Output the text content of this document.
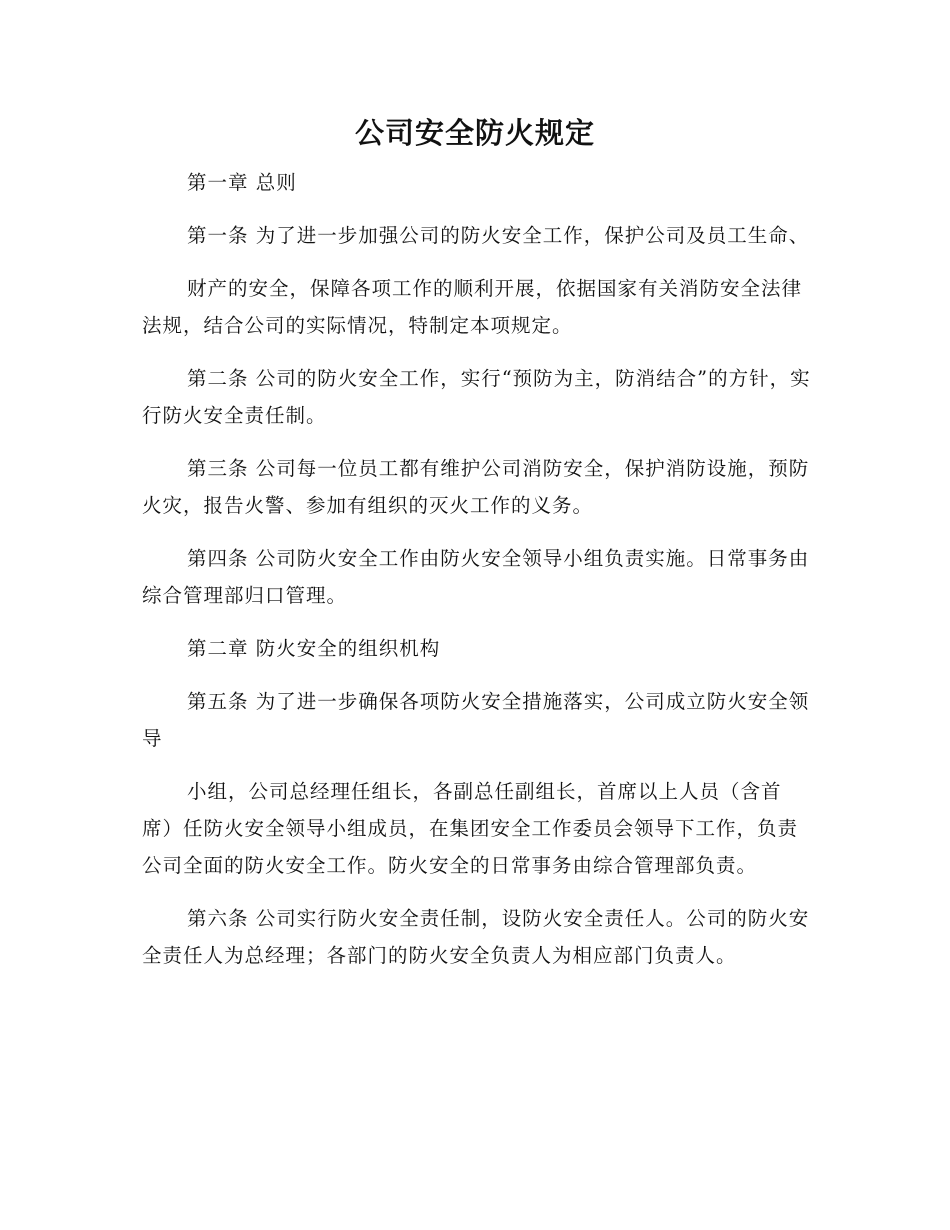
公司安全防火规定

第一章 总则

第一条 为了进一步加强公司的防火安全工作，保护公司及员工生命、

财产的安全，保障各项工作的顺利开展，依据国家有关消防安全法律法规，结合公司的实际情况，特制定本项规定。

第二条 公司的防火安全工作，实行“预防为主，防消结合”的方针，实行防火安全责任制。

第三条 公司每一位员工都有维护公司消防安全，保护消防设施，预防火灾，报告火警、参加有组织的灭火工作的义务。

第四条 公司防火安全工作由防火安全领导小组负责实施。日常事务由综合管理部归口管理。

第二章 防火安全的组织机构

第五条 为了进一步确保各项防火安全措施落实，公司成立防火安全领导

小组，公司总经理任组长，各副总任副组长，首席以上人员（含首席）任防火安全领导小组成员，在集团安全工作委员会领导下工作，负责公司全面的防火安全工作。防火安全的日常事务由综合管理部负责。

第六条 公司实行防火安全责任制，设防火安全责任人。公司的防火安全责任人为总经理；各部门的防火安全负责人为相应部门负责人。
